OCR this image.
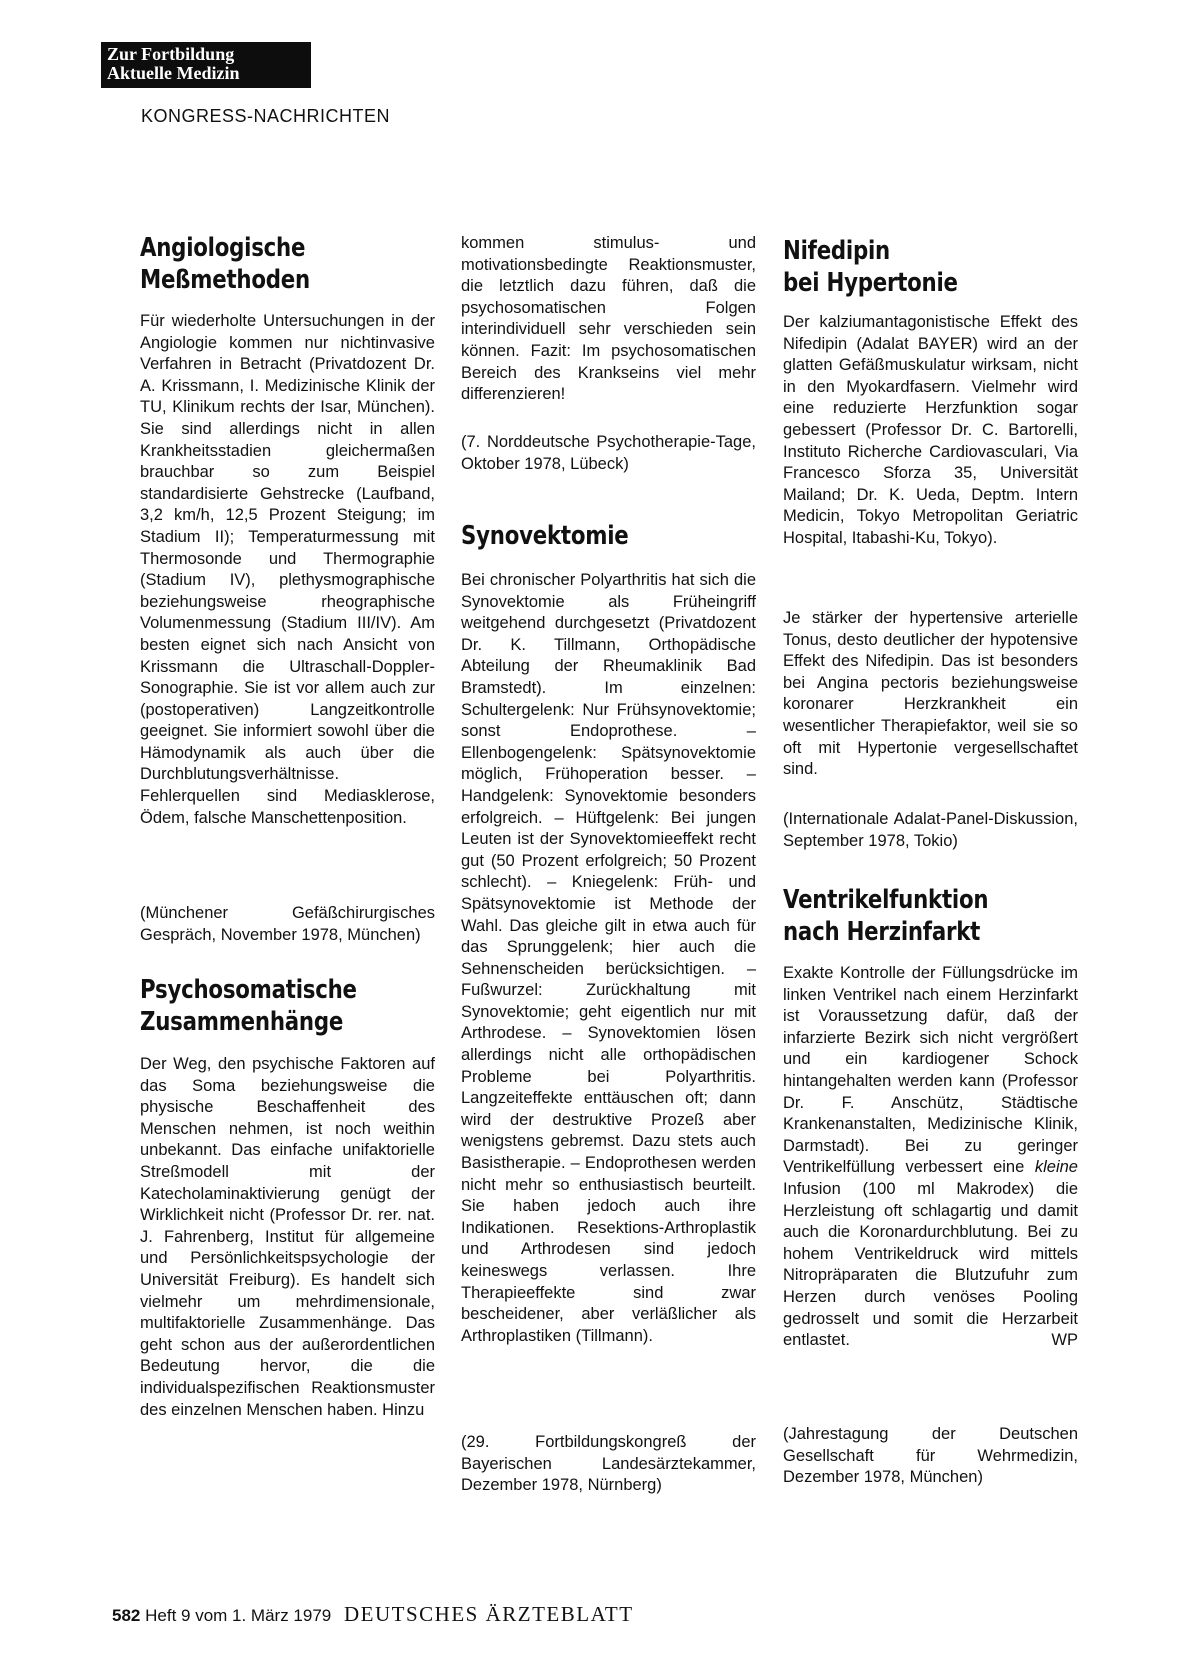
Zur Fortbildung
Aktuelle Medizin
KONGRESS-NACHRICHTEN
Angiologische
Meßmethoden

Für wiederholte Untersuchungen in der Angiologie kommen nur nichtinvasive Verfahren in Betracht (Privatdozent Dr. A. Krissmann, I. Medizinische Klinik der TU, Klinikum rechts der Isar, München). Sie sind allerdings nicht in allen Krankheitsstadien gleichermaßen brauchbar so zum Beispiel standardisierte Gehstrecke (Laufband, 3,2 km/h, 12,5 Prozent Steigung; im Stadium II); Temperaturmessung mit Thermosonde und Thermographie (Stadium IV), plethysmographische beziehungsweise rheographische Volumenmessung (Stadium III/IV). Am besten eignet sich nach Ansicht von Krissmann die Ultraschall-Doppler-Sonographie. Sie ist vor allem auch zur (postoperativen) Langzeitkontrolle geeignet. Sie informiert sowohl über die Hämodynamik als auch über die Durchblutungsverhältnisse. Fehlerquellen sind Mediasklerose, Ödem, falsche Manschettenposition.

(Münchener Gefäßchirurgisches Gespräch, November 1978, München)

Psychosomatische
Zusammenhänge

Der Weg, den psychische Faktoren auf das Soma beziehungsweise die physische Beschaffenheit des Menschen nehmen, ist noch weithin unbekannt. Das einfache unifaktorielle Streßmodell mit der Katecholaminaktivierung genügt der Wirklichkeit nicht (Professor Dr. rer. nat. J. Fahrenberg, Institut für allgemeine und Persönlichkeitspsychologie der Universität Freiburg). Es handelt sich vielmehr um mehrdimensionale, multifaktorielle Zusammenhänge. Das geht schon aus der außerordentlichen Bedeutung hervor, die die individualspezifischen Reaktionsmuster des einzelnen Menschen haben. Hinzu

kommen stimulus- und motivationsbedingte Reaktionsmuster, die letztlich dazu führen, daß die psychosomatischen Folgen interindividuell sehr verschieden sein können. Fazit: Im psychosomatischen Bereich des Krankseins viel mehr differenzieren!

(7. Norddeutsche Psychotherapie-Tage, Oktober 1978, Lübeck)

Synovektomie

Bei chronischer Polyarthritis hat sich die Synovektomie als Frühеingriff weitgehend durchgesetzt (Privatdozent Dr. K. Tillmann, Orthopädische Abteilung der Rheumaklinik Bad Bramstedt). Im einzelnen: Schultergelenk: Nur Frühsynovektomie; sonst Endoprothese. – Ellenbogengelenk: Spätsynovektomie möglich, Frühoperation besser. – Handgelenk: Synovektomie besonders erfolgreich. – Hüftgelenk: Bei jungen Leuten ist der Synovektomieeffekt recht gut (50 Prozent erfolgreich; 50 Prozent schlecht). – Kniegelenk: Früh- und Spätsynovektomie ist Methode der Wahl. Das gleiche gilt in etwa auch für das Sprunggelenk; hier auch die Sehnenscheiden berücksichtigen. – Fußwurzel: Zurückhaltung mit Synovektomie; geht eigentlich nur mit Arthrodese. – Synovektomien lösen allerdings nicht alle orthopädischen Probleme bei Polyarthritis. Langzeiteffekte enttäuschen oft; dann wird der destruktive Prozeß aber wenigstens gebremst. Dazu stets auch Basistherapie. – Endoprothesen werden nicht mehr so enthusiastisch beurteilt. Sie haben jedoch auch ihre Indikationen. Resektions-Arthroplastik und Arthrodesen sind jedoch keineswegs verlassen. Ihre Therapieeffekte sind zwar bescheidener, aber verläßlicher als Arthroplastiken (Tillmann).

(29. Fortbildungskongreß der Bayerischen Landesärztekammer, Dezember 1978, Nürnberg)

Nifedipin
bei Hypertonie

Der kalziumantagonistische Effekt des Nifedipin (Adalat BAYER) wird an der glatten Gefäßmuskulatur wirksam, nicht in den Myokardfasern. Vielmehr wird eine reduzierte Herzfunktion sogar gebessert (Professor Dr. C. Bartorelli, Instituto Richerche Cardiovasculari, Via Francesco Sforza 35, Universität Mailand; Dr. K. Ueda, Deptm. Intern Medicin, Tokyo Metropolitan Geriatric Hospital, Itabashi-Ku, Tokyo).

Je stärker der hypertensive arterielle Tonus, desto deutlicher der hypotensive Effekt des Nifedipin. Das ist besonders bei Angina pectoris beziehungsweise koronarer Herzkrankheit ein wesentlicher Therapiefaktor, weil sie so oft mit Hypertonie vergesellschaftet sind.

(Internationale Adalat-Panel-Diskussion, September 1978, Tokio)

Ventrikelfunktion
nach Herzinfarkt

Exakte Kontrolle der Füllungsdrücke im linken Ventrikel nach einem Herzinfarkt ist Voraussetzung dafür, daß der infarzierte Bezirk sich nicht vergrößert und ein kardiogener Schock hintangehalten werden kann (Professor Dr. F. Anschütz, Städtische Krankenanstalten, Medizinische Klinik, Darmstadt). Bei zu geringer Ventrikelfüllung verbessert eine kleine Infusion (100 ml Makrodex) die Herzleistung oft schlagartig und damit auch die Koronardurchblutung. Bei zu hohem Ventrikeldruck wird mittels Nitropräparaten die Blutzufuhr zum Herzen durch venöses Pooling gedrosselt und somit die Herzarbeit entlastet.	WP

(Jahrestagung der Deutschen Gesellschaft für Wehrmedizin, Dezember 1978, München)

582 Heft 9 vom 1. März 1979 DEUTSCHES ÄRZTEBLATT
